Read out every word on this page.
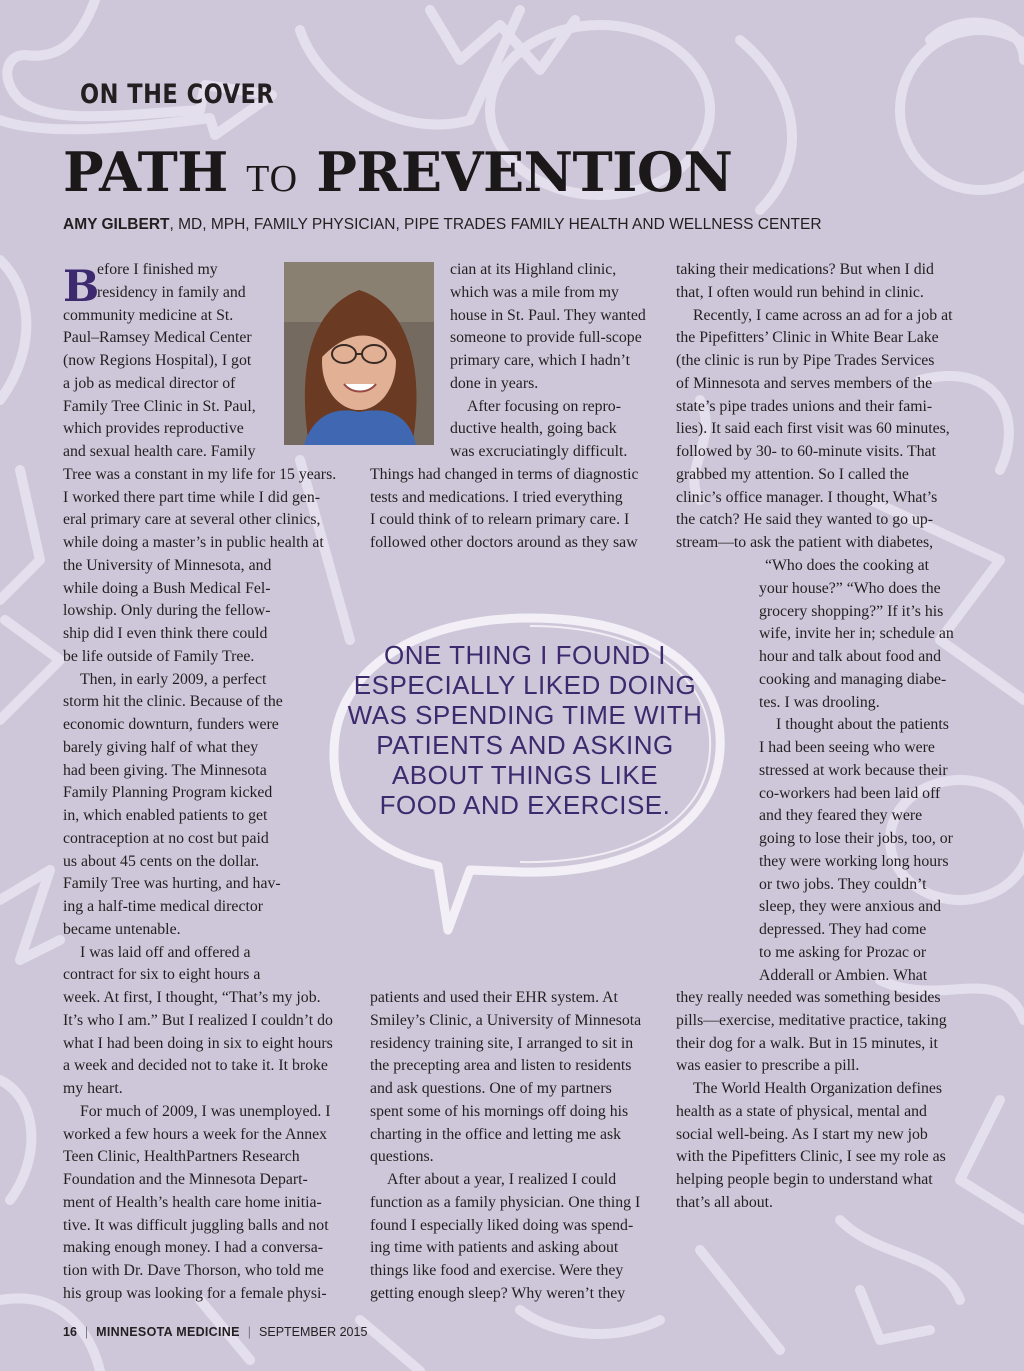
ON THE COVER
PATH TO PREVENTION
AMY GILBERT, MD, MPH, FAMILY PHYSICIAN, PIPE TRADES FAMILY HEALTH AND WELLNESS CENTER
B

efore I finished my
residency in family and
community medicine at St.
Paul–Ramsey Medical Center
(now Regions Hospital), I got
a job as medical director of
Family Tree Clinic in St. Paul,
which provides reproductive
and sexual health care. Family
Tree was a constant in my life for 15 years.
I worked there part time while I did gen-
eral primary care at several other clinics,
while doing a master’s in public health at
the University of Minnesota, and
while doing a Bush Medical Fel-
lowship. Only during the fellow-
ship did I even think there could
be life outside of Family Tree.

Then, in early 2009, a perfect
storm hit the clinic. Because of the
economic downturn, funders were
barely giving half of what they
had been giving. The Minnesota
Family Planning Program kicked
in, which enabled patients to get
contraception at no cost but paid
us about 45 cents on the dollar.
Family Tree was hurting, and hav-
ing a half-time medical director
became untenable.

I was laid off and offered a
contract for six to eight hours a
week. At first, I thought, “That’s my job.
It’s who I am.” But I realized I couldn’t do
what I had been doing in six to eight hours
a week and decided not to take it. It broke
my heart.

For much of 2009, I was unemployed. I
worked a few hours a week for the Annex
Teen Clinic, HealthPartners Research
Foundation and the Minnesota Depart-
ment of Health’s health care home initia-
tive. It was difficult juggling balls and not
making enough money. I had a conversa-
tion with Dr. Dave Thorson, who told me
his group was looking for a female physi-

cian at its Highland clinic,
which was a mile from my
house in St. Paul. They wanted
someone to provide full-scope
primary care, which I hadn’t
done in years.

After focusing on repro-
ductive health, going back
was excruciatingly difficult.
Things had changed in terms of diagnostic
tests and medications. I tried everything
I could think of to relearn primary care. I
followed other doctors around as they saw

patients and used their EHR system. At
Smiley’s Clinic, a University of Minnesota
residency training site, I arranged to sit in
the precepting area and listen to residents
and ask questions. One of my partners
spent some of his mornings off doing his
charting in the office and letting me ask
questions.

After about a year, I realized I could
function as a family physician. One thing I
found I especially liked doing was spend-
ing time with patients and asking about
things like food and exercise. Were they
getting enough sleep? Why weren’t they

taking their medications? But when I did
that, I often would run behind in clinic.

Recently, I came across an ad for a job at
the Pipefitters’ Clinic in White Bear Lake
(the clinic is run by Pipe Trades Services
of Minnesota and serves members of the
state’s pipe trades unions and their fami-
lies). It said each first visit was 60 minutes,
followed by 30- to 60-minute visits. That
grabbed my attention. So I called the
clinic’s office manager. I thought, What’s
the catch? He said they wanted to go up-
stream—to ask the patient with diabetes,

“Who does the cooking at
your house?” “Who does the
grocery shopping?” If it’s his
wife, invite her in; schedule an
hour and talk about food and
cooking and managing diabe-
tes. I was drooling.

I thought about the patients
I had been seeing who were
stressed at work because their
co-workers had been laid off
and they feared they were
going to lose their jobs, too, or
they were working long hours
or two jobs. They couldn’t
sleep, they were anxious and
depressed. They had come
to me asking for Prozac or
Adderall or Ambien. What

they really needed was something besides
pills—exercise, meditative practice, taking
their dog for a walk. But in 15 minutes, it
was easier to prescribe a pill.

The World Health Organization defines
health as a state of physical, mental and
social well-being. As I start my new job
with the Pipefitters Clinic, I see my role as
helping people begin to understand what
that’s all about.

ONE THING I FOUND I
ESPECIALLY LIKED DOING
WAS SPENDING TIME WITH
PATIENTS AND ASKING
ABOUT THINGS LIKE
FOOD AND EXERCISE.
16 | MINNESOTA MEDICINE | SEPTEMBER 2015
